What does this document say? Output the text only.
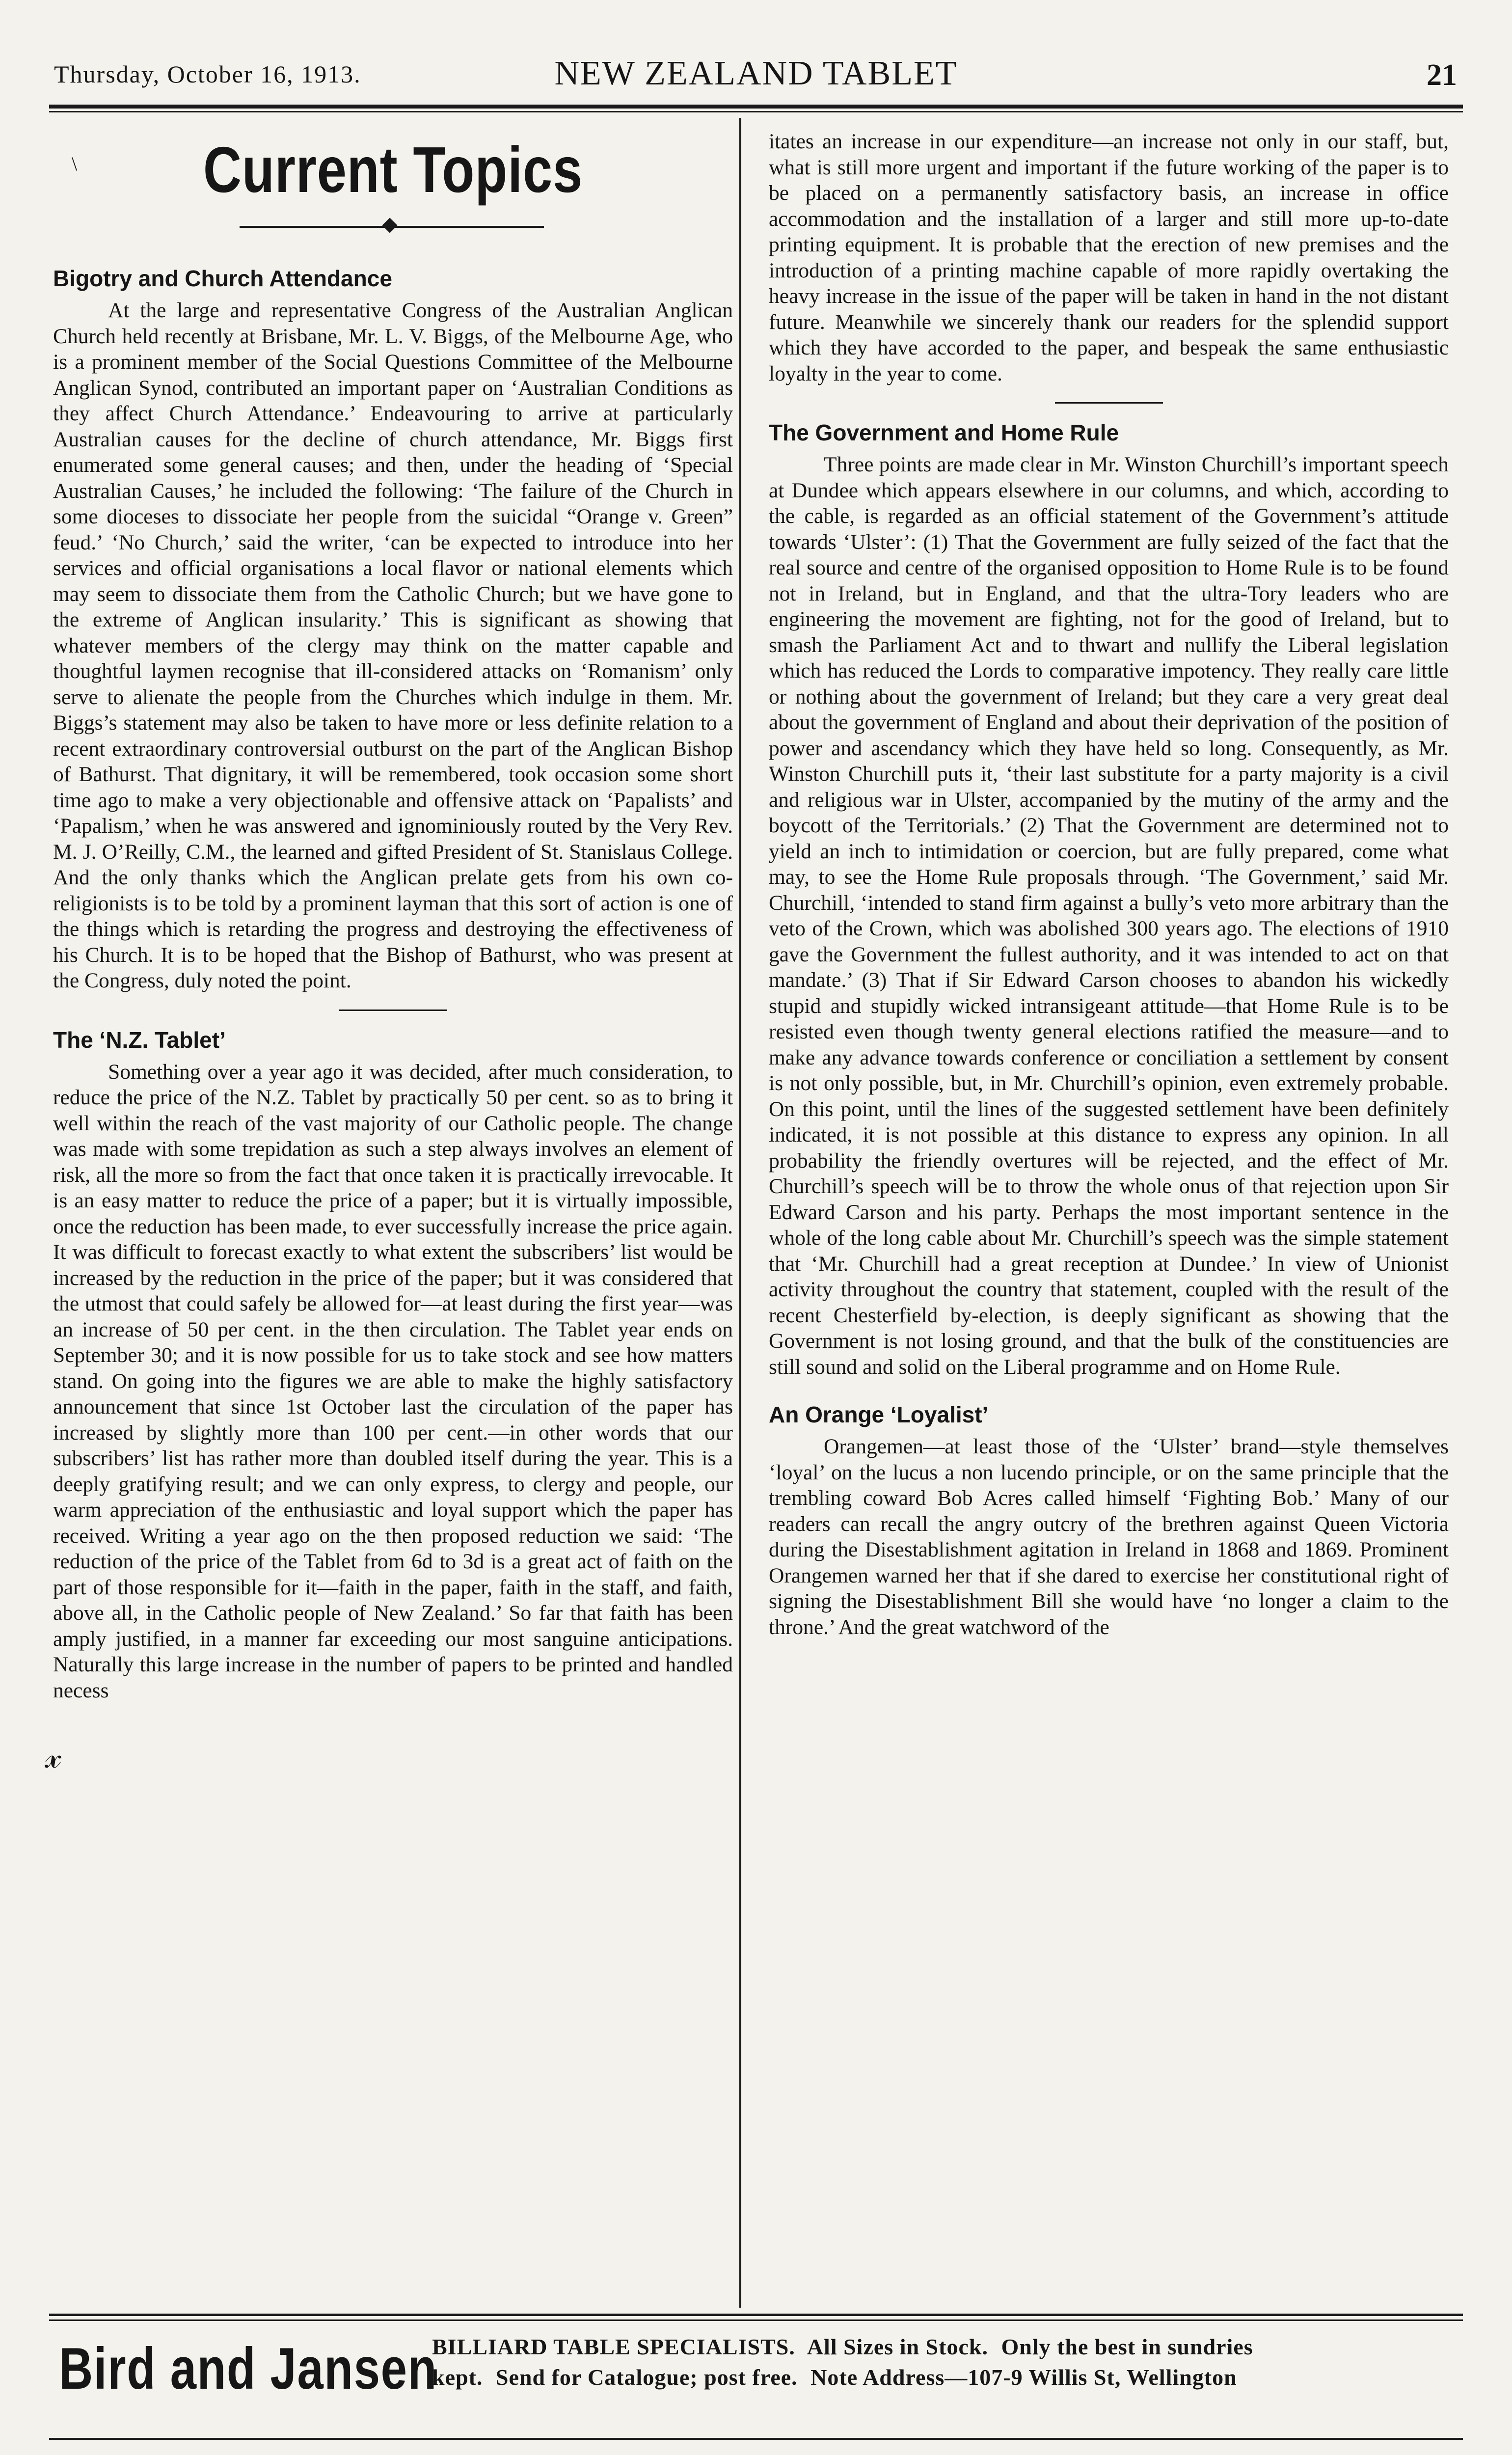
Thursday, October 16, 1913.	NEW ZEALAND TABLET	21
\	Current Topics
Bigotry and Church Attendance

At the large and representative Congress of the Australian Anglican Church held recently at Brisbane, Mr. L. V. Biggs, of the Melbourne Age, who is a prominent member of the Social Questions Committee of the Melbourne Anglican Synod, contributed an important paper on ‘Australian Conditions as they affect Church Attendance.’ Endeavouring to arrive at particularly Australian causes for the decline of church attendance, Mr. Biggs first enumerated some general causes; and then, under the heading of ‘Special Australian Causes,’ he included the following: ‘The failure of the Church in some dioceses to dissociate her people from the suicidal “Orange v. Green” feud.’ ‘No Church,’ said the writer, ‘can be expected to introduce into her services and official organisations a local flavor or national elements which may seem to dissociate them from the Catholic Church; but we have gone to the extreme of Anglican insularity.’ This is significant as showing that whatever members of the clergy may think on the matter capable and thoughtful laymen recognise that ill-considered attacks on ‘Romanism’ only serve to alienate the people from the Churches which indulge in them. Mr. Biggs’s statement may also be taken to have more or less definite relation to a recent extraordinary controversial outburst on the part of the Anglican Bishop of Bathurst. That dignitary, it will be remembered, took occasion some short time ago to make a very objectionable and offensive attack on ‘Papalists’ and ‘Papalism,’ when he was answered and ignominiously routed by the Very Rev. M. J. O’Reilly, C.M., the learned and gifted President of St. Stanislaus College. And the only thanks which the Anglican prelate gets from his own co-religionists is to be told by a prominent layman that this sort of action is one of the things which is retarding the progress and destroying the effectiveness of his Church. It is to be hoped that the Bishop of Bathurst, who was present at the Congress, duly noted the point.

The ‘N.Z. Tablet’

Something over a year ago it was decided, after much consideration, to reduce the price of the N.Z. Tablet by practically 50 per cent. so as to bring it well within the reach of the vast majority of our Catholic people. The change was made with some trepidation as such a step always involves an element of risk, all the more so from the fact that once taken it is practically irrevocable. It is an easy matter to reduce the price of a paper; but it is virtually impossible, once the reduction has been made, to ever successfully increase the price again. It was difficult to forecast exactly to what extent the subscribers’ list would be increased by the reduction in the price of the paper; but it was considered that the utmost that could safely be allowed for—at least during the first year—was an increase of 50 per cent. in the then circulation. The Tablet year ends on September 30; and it is now possible for us to take stock and see how matters stand. On going into the figures we are able to make the highly satisfactory announcement that since 1st October last the circulation of the paper has increased by slightly more than 100 per cent.—in other words that our subscribers’ list has rather more than doubled itself during the year. This is a deeply gratifying result; and we can only express, to clergy and people, our warm appreciation of the enthusiastic and loyal support which the paper has received. Writing a year ago on the then proposed reduction we said: ‘The reduction of the price of the Tablet from 6d to 3d is a great act of faith on the part of those responsible for it—faith in the paper, faith in the staff, and faith, above all, in the Catholic people of New Zealand.’ So far that faith has been amply justified, in a manner far exceeding our most sanguine anticipations. Naturally this large increase in the number of papers to be printed and handled necess

𝓍
Bird and Jansen
BILLIARD TABLE SPECIALISTS. All Sizes in Stock. Only the best in sundries
kept. Send for Catalogue; post free. Note Address—107-9 Willis St, Wellington

itates an increase in our expenditure—an increase not only in our staff, but, what is still more urgent and important if the future working of the paper is to be placed on a permanently satisfactory basis, an increase in office accommodation and the installation of a larger and still more up-to-date printing equipment. It is probable that the erection of new premises and the introduction of a printing machine capable of more rapidly overtaking the heavy increase in the issue of the paper will be taken in hand in the not distant future. Meanwhile we sincerely thank our readers for the splendid support which they have accorded to the paper, and bespeak the same enthusiastic loyalty in the year to come.

The Government and Home Rule

Three points are made clear in Mr. Winston Churchill’s important speech at Dundee which appears elsewhere in our columns, and which, according to the cable, is regarded as an official statement of the Government’s attitude towards ‘Ulster’: (1) That the Government are fully seized of the fact that the real source and centre of the organised opposition to Home Rule is to be found not in Ireland, but in England, and that the ultra-Tory leaders who are engineering the movement are fighting, not for the good of Ireland, but to smash the Parliament Act and to thwart and nullify the Liberal legislation which has reduced the Lords to comparative impotency. They really care little or nothing about the government of Ireland; but they care a very great deal about the government of England and about their deprivation of the position of power and ascendancy which they have held so long. Consequently, as Mr. Winston Churchill puts it, ‘their last substitute for a party majority is a civil and religious war in Ulster, accompanied by the mutiny of the army and the boycott of the Territorials.’ (2) That the Government are determined not to yield an inch to intimidation or coercion, but are fully prepared, come what may, to see the Home Rule proposals through. ‘The Government,’ said Mr. Churchill, ‘intended to stand firm against a bully’s veto more arbitrary than the veto of the Crown, which was abolished 300 years ago. The elections of 1910 gave the Government the fullest authority, and it was intended to act on that mandate.’ (3) That if Sir Edward Carson chooses to abandon his wickedly stupid and stupidly wicked intransigeant attitude—that Home Rule is to be resisted even though twenty general elections ratified the measure—and to make any advance towards conference or conciliation a settlement by consent is not only possible, but, in Mr. Churchill’s opinion, even extremely probable. On this point, until the lines of the suggested settlement have been definitely indicated, it is not possible at this distance to express any opinion. In all probability the friendly overtures will be rejected, and the effect of Mr. Churchill’s speech will be to throw the whole onus of that rejection upon Sir Edward Carson and his party. Perhaps the most important sentence in the whole of the long cable about Mr. Churchill’s speech was the simple statement that ‘Mr. Churchill had a great reception at Dundee.’ In view of Unionist activity throughout the country that statement, coupled with the result of the recent Chesterfield by-election, is deeply significant as showing that the Government is not losing ground, and that the bulk of the constituencies are still sound and solid on the Liberal programme and on Home Rule.

An Orange ‘Loyalist’

Orangemen—at least those of the ‘Ulster’ brand—style themselves ‘loyal’ on the lucus a non lucendo principle, or on the same principle that the trembling coward Bob Acres called himself ‘Fighting Bob.’ Many of our readers can recall the angry outcry of the brethren against Queen Victoria during the Disestablishment agitation in Ireland in 1868 and 1869. Prominent Orangemen warned her that if she dared to exercise her constitutional right of signing the Disestablishment Bill she would have ‘no longer a claim to the throne.’ And the great watchword of the
